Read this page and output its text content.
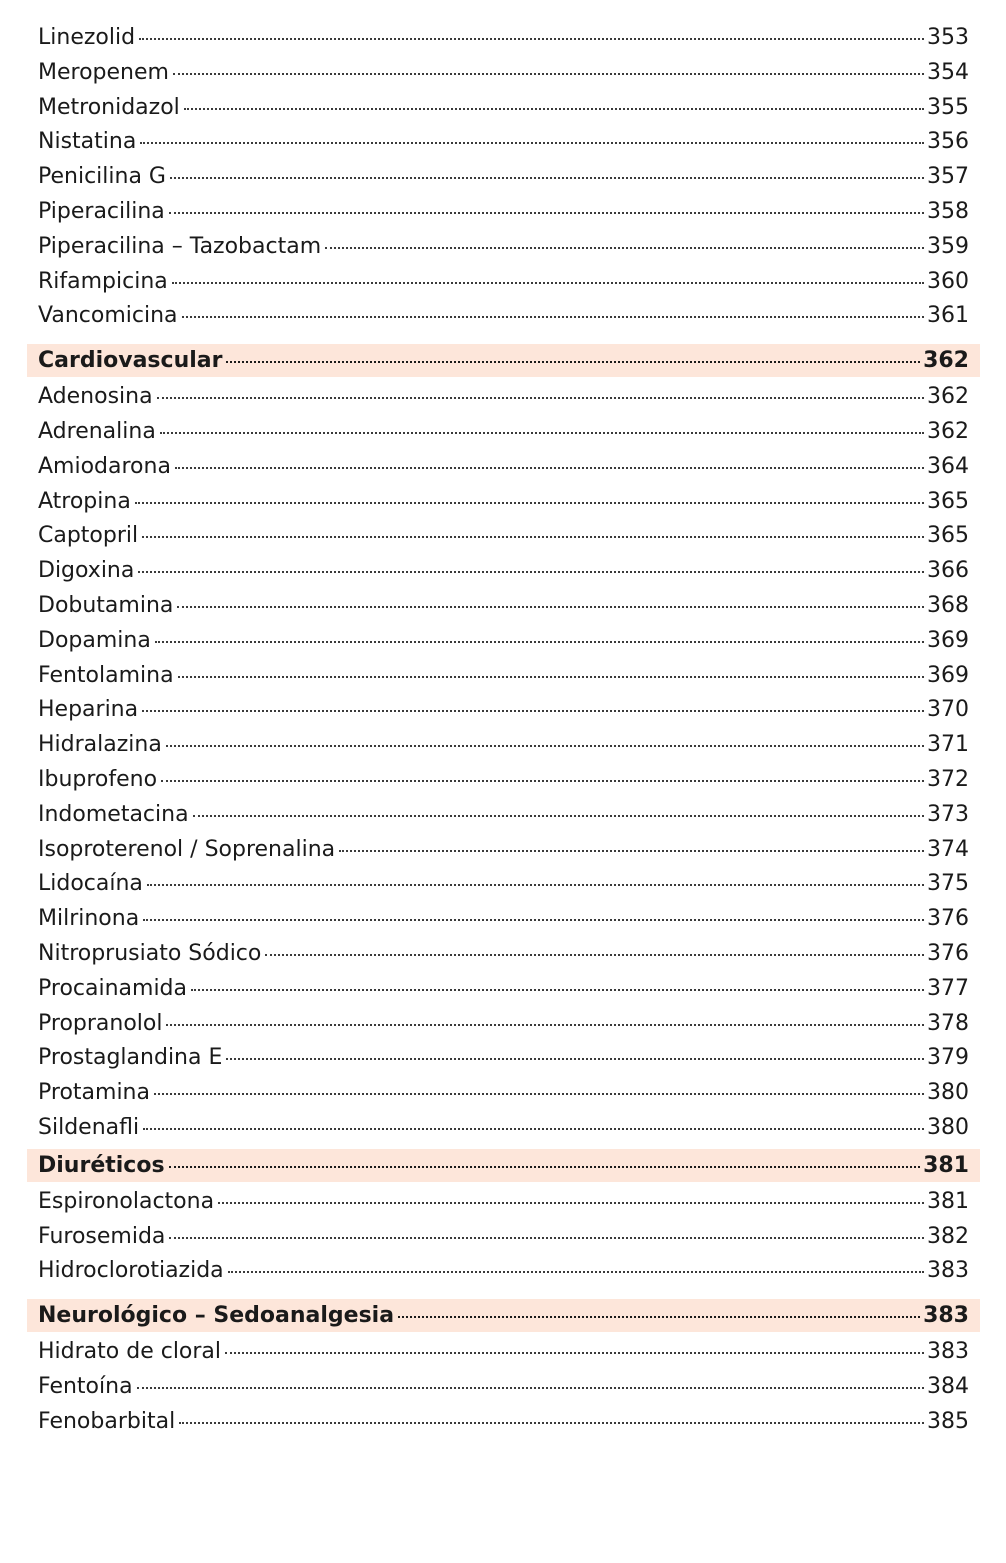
Linezolid	353
Meropenem	354
Metronidazol	355
Nistatina	356
Penicilina G	357
Piperacilina	358
Piperacilina – Tazobactam	359
Rifampicina	360
Vancomicina	361
Cardiovascular	362
Adenosina	362
Adrenalina	362
Amiodarona	364
Atropina	365
Captopril	365
Digoxina	366
Dobutamina	368
Dopamina	369
Fentolamina	369
Heparina	370
Hidralazina	371
Ibuprofeno	372
Indometacina	373
Isoproterenol / Soprenalina	374
Lidocaína	375
Milrinona	376
Nitroprusiato Sódico	376
Procainamida	377
Propranolol	378
Prostaglandina E	379
Protamina	380
Sildenafli	380
Diuréticos	381
Espironolactona	381
Furosemida	382
Hidroclorotiazida	383
Neurológico – Sedoanalgesia	383
Hidrato de cloral	383
Fentoína	384
Fenobarbital	385
